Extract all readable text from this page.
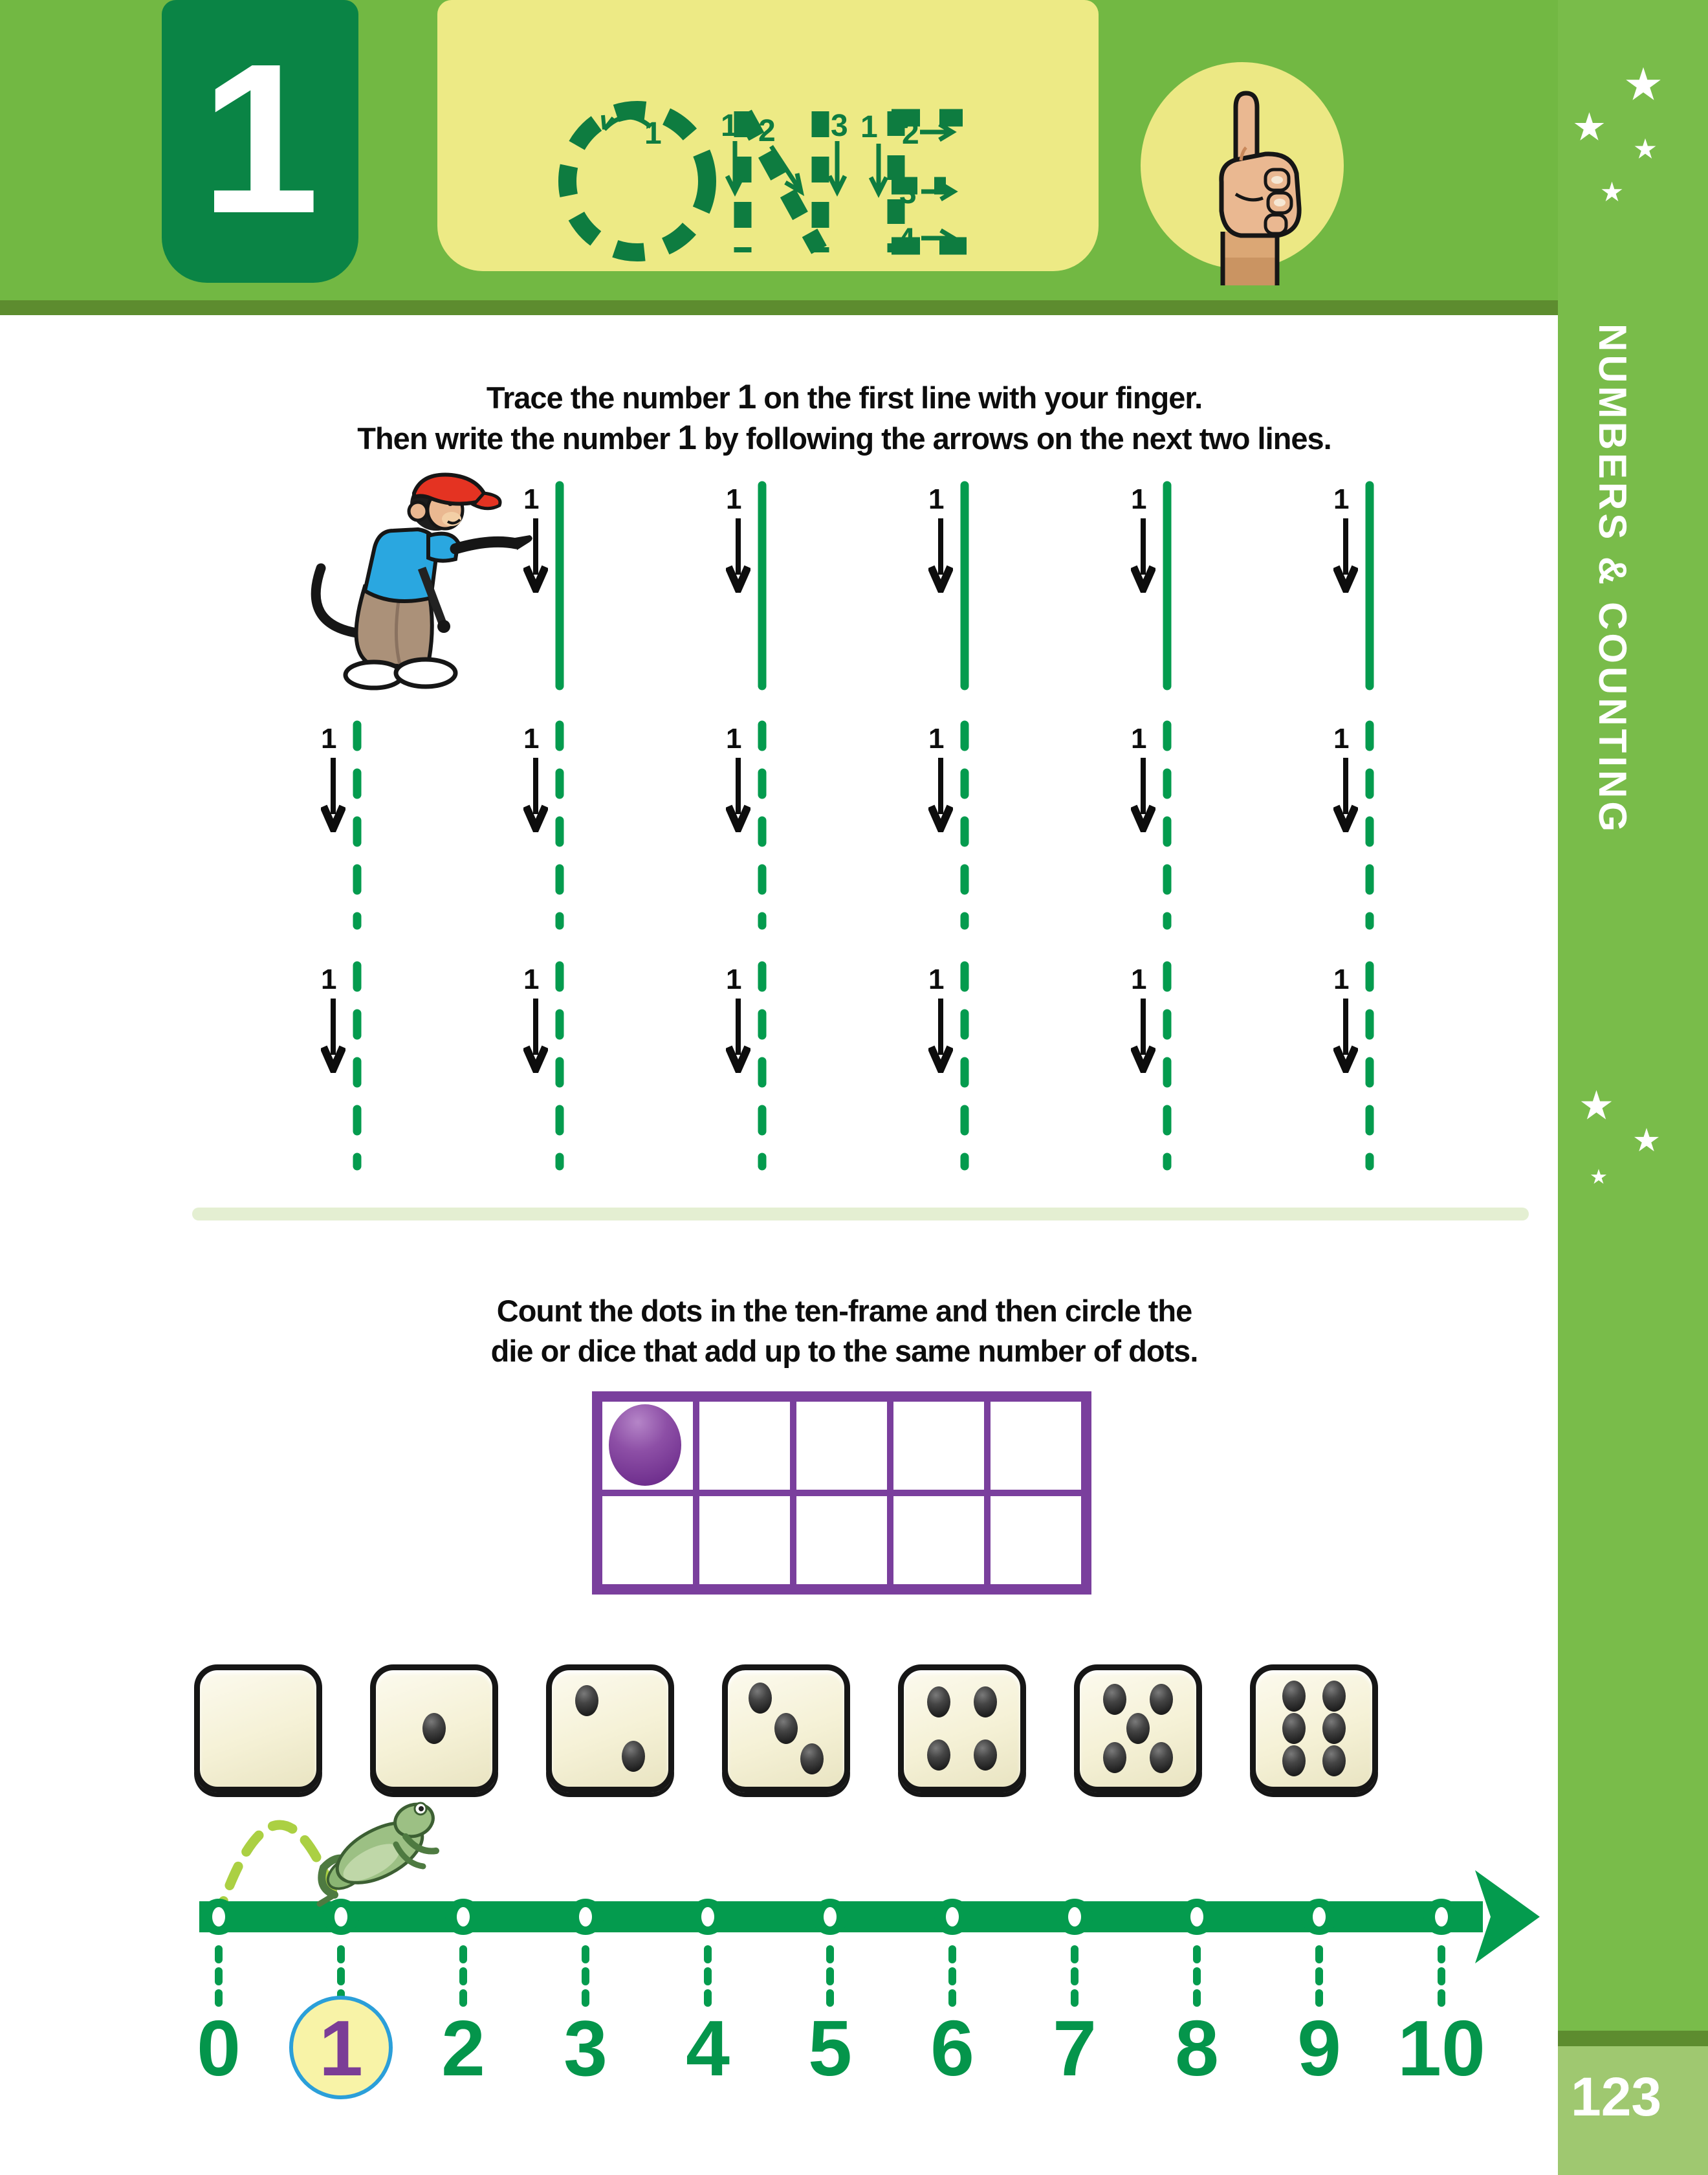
1	1 1 2 3 1 2
3
4
NUMBERS & COUNTING
123

Trace the number 1 on the first line with your finger.
Then write the number 1 by following the arrows on the next two lines.

1	1	1	1	1
1	1	1	1	1	1
1	1	1	1	1	1

Count the dots in the ten-frame and then circle the
die or dice that add up to the same number of dots.

0 1 2 3 4 5 6 7 8 9 10
